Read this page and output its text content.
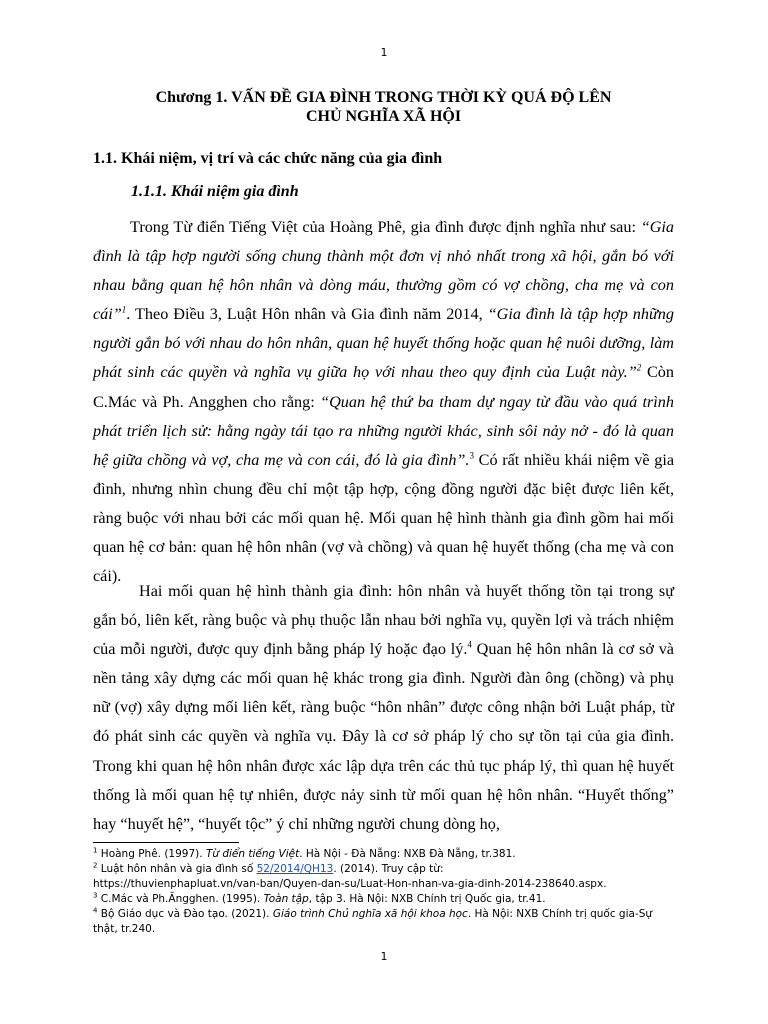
1
Chương 1. VẤN ĐỀ GIA ĐÌNH TRONG THỜI KỲ QUÁ ĐỘ LÊN
CHỦ NGHĨA XÃ HỘI
1.1. Khái niệm, vị trí và các chức năng của gia đình
1.1.1. Khái niệm gia đình

Trong Từ điển Tiếng Việt của Hoàng Phê, gia đình được định nghĩa như sau: “Gia đình là tập hợp người sống chung thành một đơn vị nhỏ nhất trong xã hội, gắn bó với nhau bằng quan hệ hôn nhân và dòng máu, thường gồm có vợ chồng, cha mẹ và con cái”$^1$. Theo Điều 3, Luật Hôn nhân và Gia đình năm 2014, “Gia đình là tập hợp những người gắn bó với nhau do hôn nhân, quan hệ huyết thống hoặc quan hệ nuôi dưỡng, làm phát sinh các quyền và nghĩa vụ giữa họ với nhau theo quy định của Luật này.”$^2$ Còn C.Mác và Ph. Angghen cho rằng: “Quan hệ thứ ba tham dự ngay từ đầu vào quá trình phát triển lịch sử: hằng ngày tái tạo ra những người khác, sinh sôi nảy nở - đó là quan hệ giữa chồng và vợ, cha mẹ và con cái, đó là gia đình”.$^3$ Có rất nhiều khái niệm về gia đình, nhưng nhìn chung đều chỉ một tập hợp, cộng đồng người đặc biệt được liên kết, ràng buộc với nhau bởi các mối quan hệ. Mối quan hệ hình thành gia đình gồm hai mối quan hệ cơ bản: quan hệ hôn nhân (vợ và chồng) và quan hệ huyết thống (cha mẹ và con cái).

Hai mối quan hệ hình thành gia đình: hôn nhân và huyết thống tồn tại trong sự gắn bó, liên kết, ràng buộc và phụ thuộc lẫn nhau bởi nghĩa vụ, quyền lợi và trách nhiệm của mỗi người, được quy định bằng pháp lý hoặc đạo lý.$^4$ Quan hệ hôn nhân là cơ sở và nền tảng xây dựng các mối quan hệ khác trong gia đình. Người đàn ông (chồng) và phụ nữ (vợ) xây dựng mối liên kết, ràng buộc “hôn nhân” được công nhận bởi Luật pháp, từ đó phát sinh các quyền và nghĩa vụ. Đây là cơ sở pháp lý cho sự tồn tại của gia đình. Trong khi quan hệ hôn nhân được xác lập dựa trên các thủ tục pháp lý, thì quan hệ huyết thống là mối quan hệ tự nhiên, được nảy sinh từ mối quan hệ hôn nhân. “Huyết thống” hay “huyết hệ”, “huyết tộc” ý chỉ những người chung dòng họ,

$^1$ Hoàng Phê. (1997). Từ điển tiếng Việt. Hà Nội - Đà Nẵng: NXB Đà Nẵng, tr.381.

$^2$ Luật hôn nhân và gia đình số 52/2014/QH13. (2014). Truy cập từ:
https://thuvienphapluat.vn/van-ban/Quyen-dan-su/Luat-Hon-nhan-va-gia-dinh-2014-238640.aspx.

$^3$ C.Mác và Ph.Ăngghen. (1995). Toàn tập, tập 3. Hà Nội: NXB Chính trị Quốc gia, tr.41.

$^4$ Bộ Giáo dục và Đào tạo. (2021). Giáo trình Chủ nghĩa xã hội khoa học. Hà Nội: NXB Chính trị quốc gia-Sự thật, tr.240.

1
